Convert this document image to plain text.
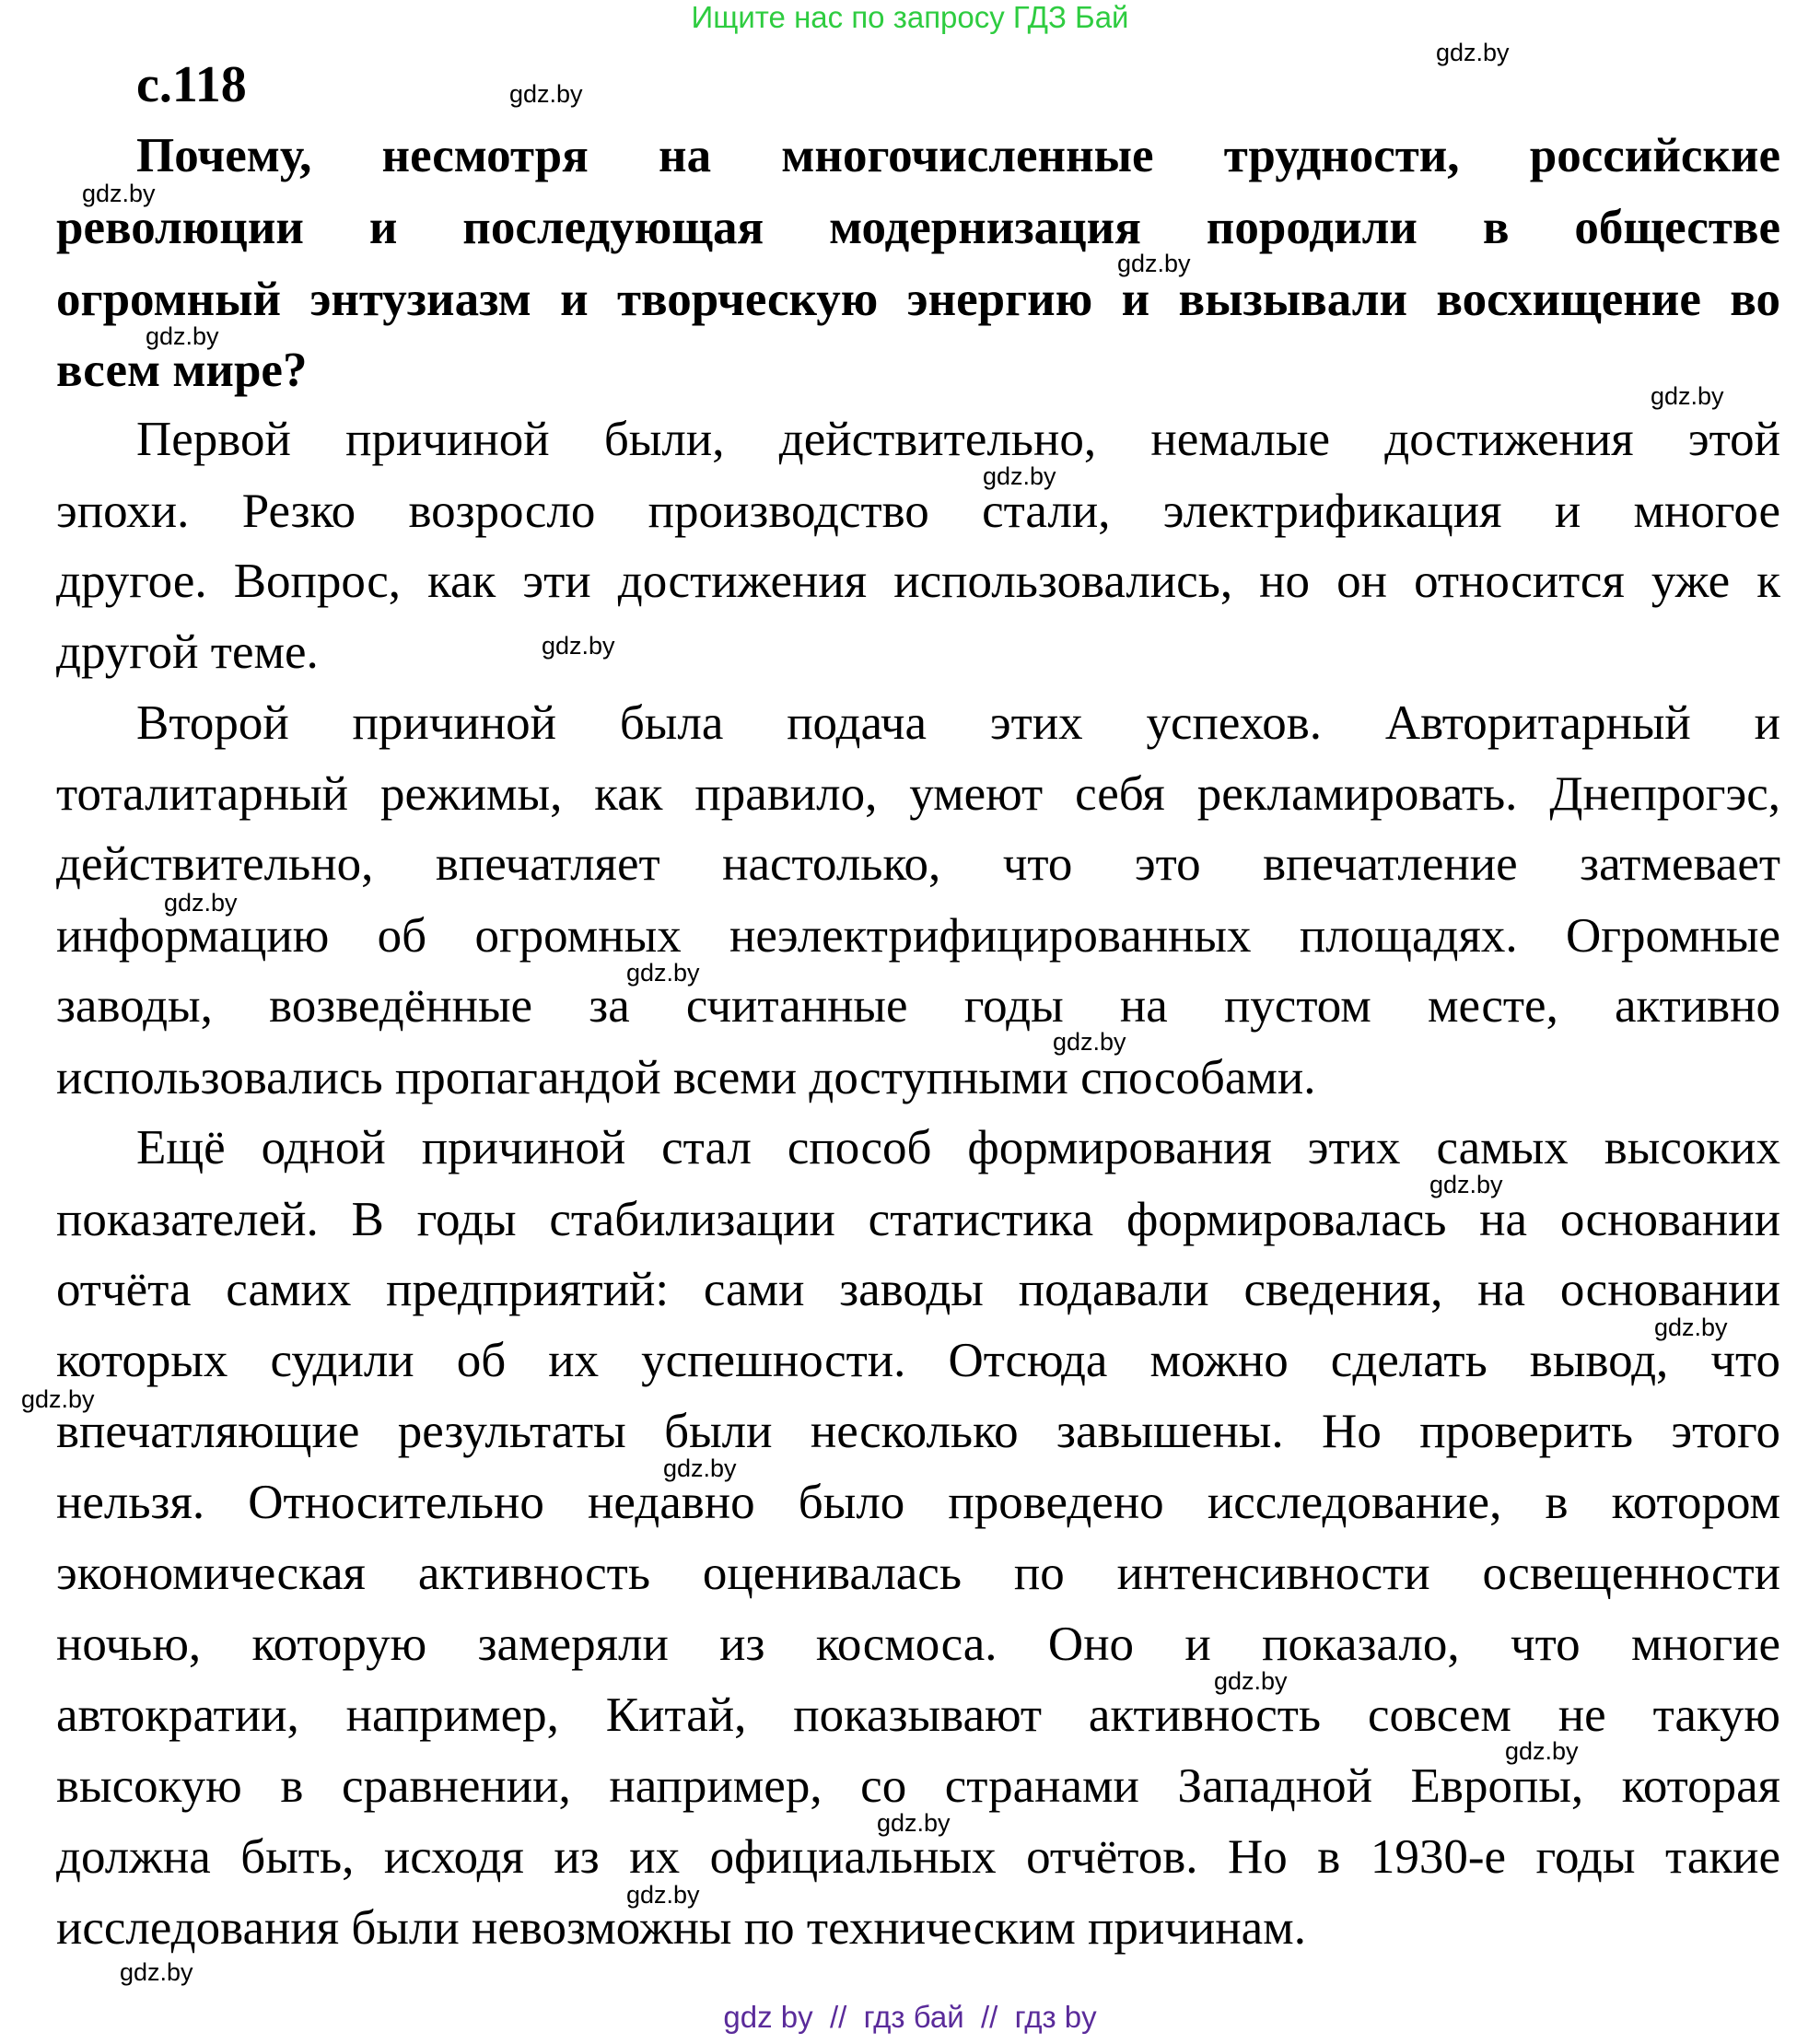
Ищите нас по запросу ГДЗ Бай
с.118
Почему, несмотря на многочисленные трудности, российские
революции и последующая модернизация породили в обществе
огромный энтузиазм и творческую энергию и вызывали восхищение во
всем мире?
Первой причиной были, действительно, немалые достижения этой
эпохи. Резко возросло производство стали, электрификация и многое
другое. Вопрос, как эти достижения использовались, но он относится уже к
другой теме.
Второй причиной была подача этих успехов. Авторитарный и
тоталитарный режимы, как правило, умеют себя рекламировать. Днепрогэс,
действительно, впечатляет настолько, что это впечатление затмевает
информацию об огромных неэлектрифицированных площадях. Огромные
заводы, возведённые за считанные годы на пустом месте, активно
использовались пропагандой всеми доступными способами.
Ещё одной причиной стал способ формирования этих самых высоких
показателей. В годы стабилизации статистика формировалась на основании
отчёта самих предприятий: сами заводы подавали сведения, на основании
которых судили об их успешности. Отсюда можно сделать вывод, что
впечатляющие результаты были несколько завышены. Но проверить этого
нельзя. Относительно недавно было проведено исследование, в котором
экономическая активность оценивалась по интенсивности освещенности
ночью, которую замеряли из космоса. Оно и показало, что многие
автократии, например, Китай, показывают активность совсем не такую
высокую в сравнении, например, со странами Западной Европы, которая
должна быть, исходя из их официальных отчётов. Но в 1930-е годы такие
исследования были невозможны по техническим причинам.
gdz.by
gdz.by
gdz.by
gdz.by
gdz.by
gdz.by
gdz.by
gdz.by
gdz.by
gdz.by
gdz.by
gdz.by
gdz.by
gdz.by
gdz.by
gdz.by
gdz.by
gdz.by
gdz.by
gdz.by
gdz by  //  гдз бай  //  гдз by
